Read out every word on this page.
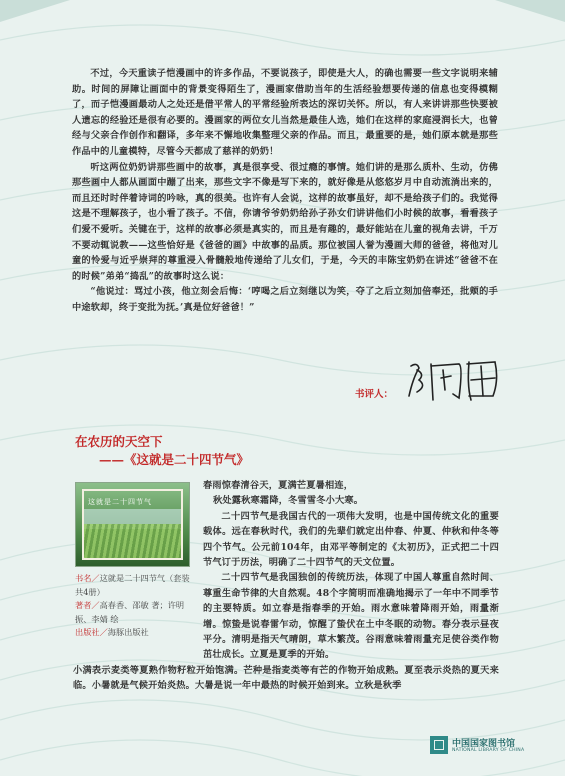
不过，今天重读子恺漫画中的许多作品，不要说孩子，即使是大人，的确也需要一些文字说明来辅助。时间的屏障让画面中的背景变得陌生了，漫画家借助当年的生活经验想要传递的信息也变得模糊了，而子恺漫画最动人之处还是借平常人的平常经验所表达的深切关怀。所以，有人来讲讲那些快要被人遗忘的经验还是很有必要的。漫画家的两位女儿当然是最佳人选，她们在这样的家庭浸润长大，也曾经与父亲合作创作和翻译，多年来不懈地收集整理父亲的作品。而且，最重要的是，她们原本就是那些作品中的儿童模特，尽管今天都成了慈祥的奶奶！

听这两位奶奶讲那些画中的故事，真是很享受、很过瘾的事情。她们讲的是那么质朴、生动，仿佛那些画中人都从画面中蹦了出来，那些文字不像是写下来的，就好像是从悠悠岁月中自动流淌出来的，而且还时时伴着诗词的吟咏，真的很美。也许有人会说，这样的故事虽好，却不是给孩子们的。我觉得这是不理解孩子，也小看了孩子。不信，你请爷爷奶奶给孙子孙女们讲讲他们小时候的故事，看看孩子们爱不爱听。关键在于，这样的故事必须是真实的，而且是有趣的，最好能站在儿童的视角去讲，千万不要动辄说教——这些恰好是《爸爸的画》中故事的品质。那位被国人誉为漫画大师的爸爸，将他对儿童的怜爱与近乎崇拜的尊重浸入骨髓般地传递给了儿女们，于是，今天的丰陈宝奶奶在讲述“爸爸不在的时候”弟弟“捣乱”的故事时这么说：

“他说过：骂过小孩，他立刻会后悔：‘哼喝之后立刻继以为笑，夺了之后立刻加倍奉还，批颊的手中途软却，终于变批为抚。’真是位好爸爸！”

书评人：
在农历的天空下
——《这就是二十四节气》
这就是二十四节气
书名／这就是二十四节气（套装共4册）
著者／高春香、邵敏 著；许明振、李婧 绘
出版社／海豚出版社

春雨惊春清谷天，夏满芒夏暑相连，

秋处露秋寒霜降，冬雪雪冬小大寒。

二十四节气是我国古代的一项伟大发明，也是中国传统文化的重要载体。远在春秋时代，我们的先辈们就定出仲春、仲夏、仲秋和仲冬等四个节气。公元前104年，由邓平等制定的《太初历》，正式把二十四节气订于历法，明确了二十四节气的天文位置。

二十四节气是我国独创的传统历法，体现了中国人尊重自然时间、尊重生命节律的大自然观。48个字简明而准确地揭示了一年中不同季节的主要特质。如立春是指春季的开始。雨水意味着降雨开始，雨量渐增。惊蛰是说春雷乍动，惊醒了蛰伏在土中冬眠的动物。春分表示昼夜平分。清明是指天气晴朗，草木繁茂。谷雨意味着雨量充足使谷类作物茁壮成长。立夏是夏季的开始。

小满表示麦类等夏熟作物籽粒开始饱满。芒种是指麦类等有芒的作物开始成熟。夏至表示炎热的夏天来临。小暑就是气候开始炎热。大暑是说一年中最热的时候开始到来。立秋是秋季

中国国家图书馆
NATIONAL LIBRARY OF CHINA
